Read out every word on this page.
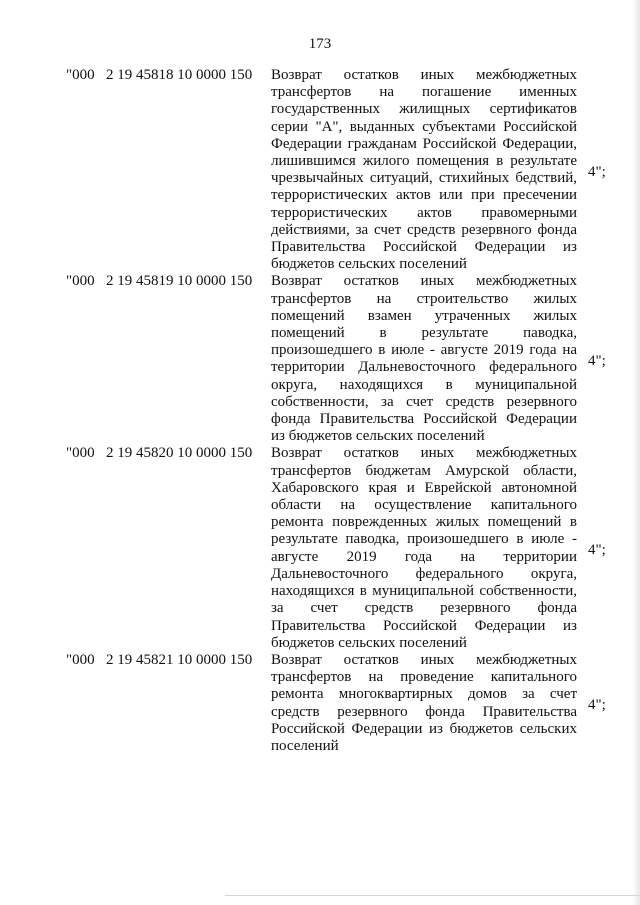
173
"000 2 19 45818 10 0000 150 Возврат остатков иных межбюджетных
трансфертов на погашение именных
государственных жилищных сертификатов
серии "А", выданных субъектами Российской
Федерации гражданам Российской Федерации,
лишившимся жилого помещения в результате
чрезвычайных ситуаций, стихийных бедствий,
террористических актов или при пресечении
террористических актов правомерными
действиями, за счет средств резервного фонда
Правительства Российской Федерации из
бюджетов сельских поселений
4";
"000 2 19 45819 10 0000 150 Возврат остатков иных межбюджетных
трансфертов на строительство жилых
помещений взамен утраченных жилых
помещений в результате паводка,
произошедшего в июле - августе 2019 года на
территории Дальневосточного федерального
округа, находящихся в муниципальной
собственности, за счет средств резервного
фонда Правительства Российской Федерации
из бюджетов сельских поселений
4";
"000 2 19 45820 10 0000 150 Возврат остатков иных межбюджетных
трансфертов бюджетам Амурской области,
Хабаровского края и Еврейской автономной
области на осуществление капитального
ремонта поврежденных жилых помещений в
результате паводка, произошедшего в июле -
августе 2019 года на территории
Дальневосточного федерального округа,
находящихся в муниципальной собственности,
за счет средств резервного фонда
Правительства Российской Федерации из
бюджетов сельских поселений
4";
"000 2 19 45821 10 0000 150 Возврат остатков иных межбюджетных
трансфертов на проведение капитального
ремонта многоквартирных домов за счет
средств резервного фонда Правительства
Российской Федерации из бюджетов сельских
поселений
4";
